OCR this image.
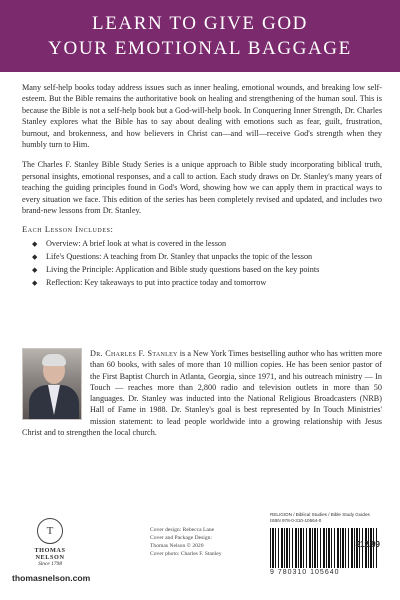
LEARN TO GIVE GOD
YOUR EMOTIONAL BAGGAGE

Many self-help books today address issues such as inner healing, emotional wounds, and breaking low self-esteem. But the Bible remains the authoritative book on healing and strengthening of the human soul. This is because the Bible is not a self-help book but a God-will-help book. In Conquering Inner Strength, Dr. Charles Stanley explores what the Bible has to say about dealing with emotions such as fear, guilt, frustration, burnout, and brokenness, and how believers in Christ can—and will—receive God's strength when they humbly turn to Him.

The Charles F. Stanley Bible Study Series is a unique approach to Bible study incorporating biblical truth, personal insights, emotional responses, and a call to action. Each study draws on Dr. Stanley's many years of teaching the guiding principles found in God's Word, showing how we can apply them in practical ways to every situation we face. This edition of the series has been completely revised and updated, and includes two brand-new lessons from Dr. Stanley.

Each Lesson Includes:
◆	Overview: A brief look at what is covered in the lesson
◆	Life's Questions: A teaching from Dr. Stanley that unpacks the topic of the lesson
◆	Living the Principle: Application and Bible study questions based on the key points
◆	Reflection: Key takeaways to put into practice today and tomorrow

Dr. Charles F. Stanley is a New York Times bestselling author who has written more than 60 books, with sales of more than 10 million copies. He has been senior pastor of the First Baptist Church in Atlanta, Georgia, since 1971, and his outreach ministry — In Touch — reaches more than 2,800 radio and television outlets in more than 50 languages. Dr. Stanley was inducted into the National Religious Broadcasters (NRB) Hall of Fame in 1988. Dr. Stanley's goal is best represented by In Touch Ministries' mission statement: to lead people worldwide into a growing relationship with Jesus Christ and to strengthen the local church.

T
THOMAS NELSON
Since 1798
thomasnelson.com
Cover design: Rebecca Lane
Cover and Package Design:
Thomas Nelson © 2020
Cover photo: Charles F. Stanley
RELIGION / Biblical Studies / Bible Study Guides
ISBN 978-0-310-10564-0
$12.99
9 780310 105640
